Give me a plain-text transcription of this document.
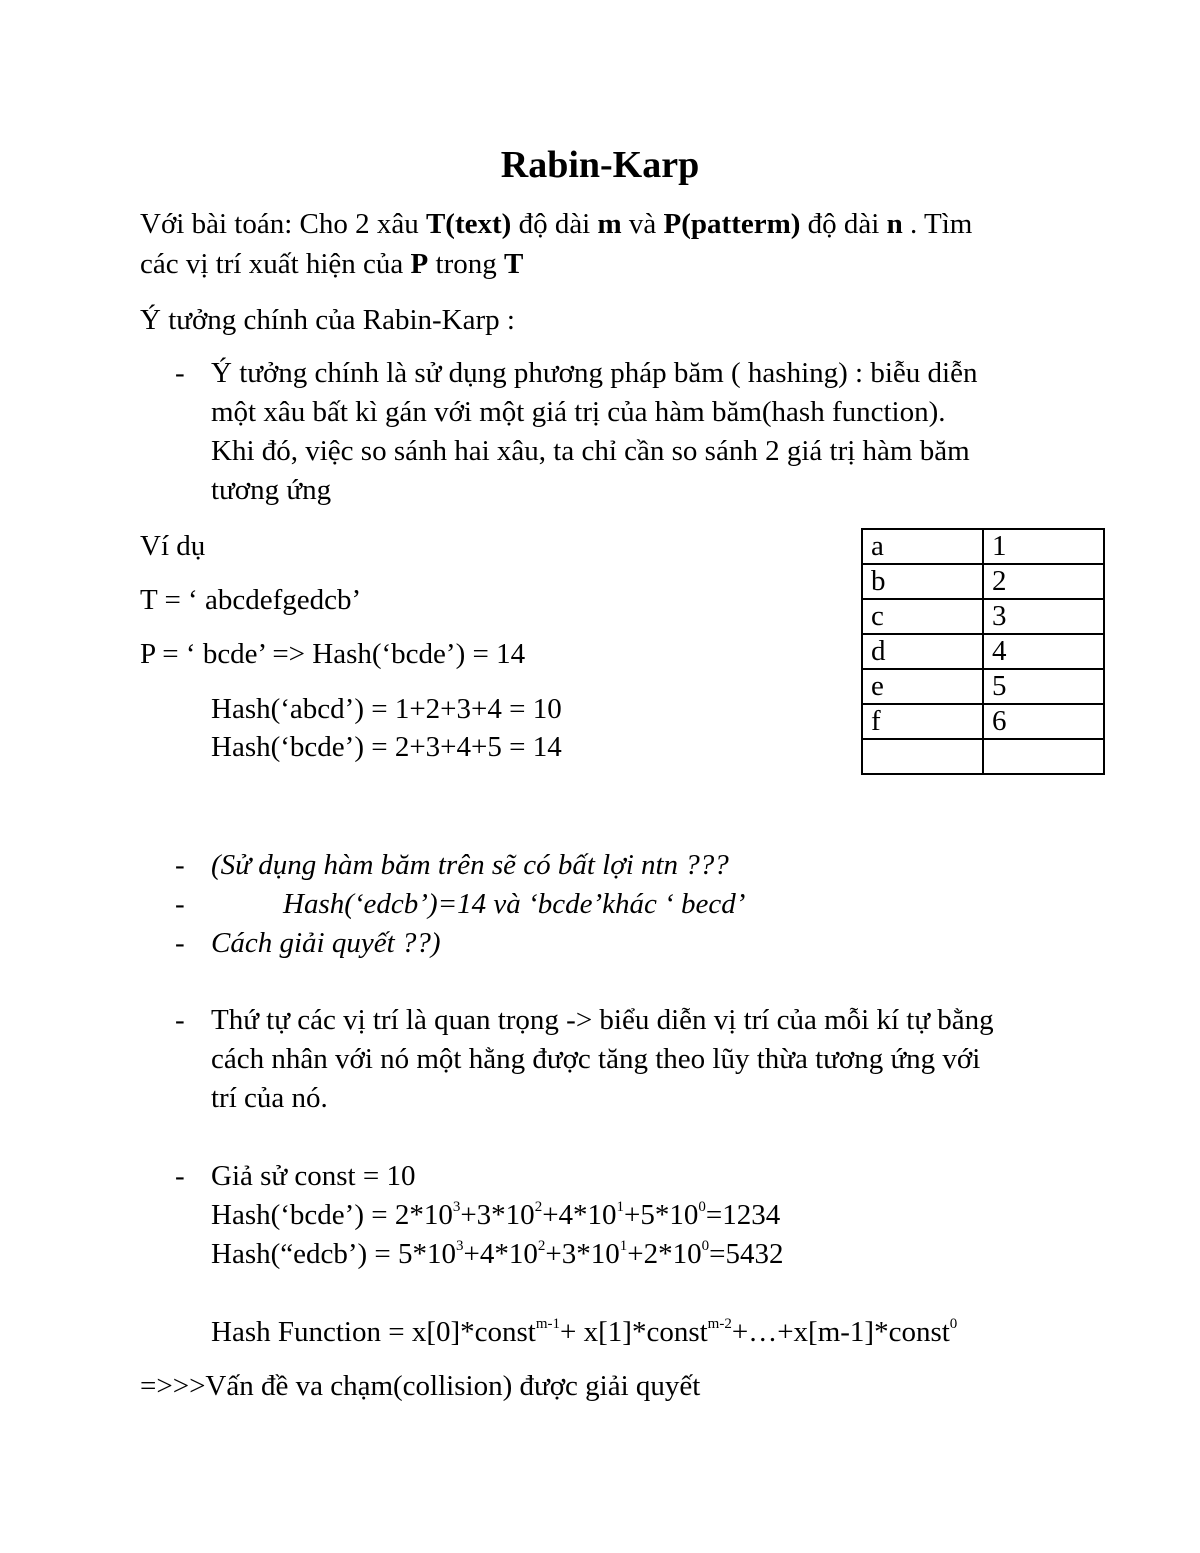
Rabin-Karp
Với bài toán: Cho 2 xâu T(text) độ dài m và P(patterm) độ dài n . Tìm
các vị trí xuất hiện của P trong T
Ý tưởng chính của Rabin-Karp :
- Ý tưởng chính là sử dụng phương pháp băm ( hashing) : biễu diễn
một xâu bất kì gán với một giá trị của hàm băm(hash function).
Khi đó, việc so sánh hai xâu, ta chỉ cần so sánh 2 giá trị hàm băm
tương ứng
Ví dụ
T = ‘ abcdefgedcb’
P = ‘ bcde’ => Hash(‘bcde’) = 14
Hash(‘abcd’) = 1+2+3+4 = 10
Hash(‘bcde’) = 2+3+4+5 = 14
a	1
b	2
c	3
d	4
e	5
f	6

- (Sử dụng hàm băm trên sẽ có bất lợi ntn ???
-	Hash(‘edcb’)=14 và ‘bcde’khác ‘ becd’
- Cách giải quyết ??)
- Thứ tự các vị trí là quan trọng -> biểu diễn vị trí của mỗi kí tự bằng
cách nhân với nó một hằng được tăng theo lũy thừa tương ứng với
trí của nó.
- Giả sử const = 10
Hash(‘bcde’) = $2*10^3+3*10^2+4*10^1+5*10^0=1234$
Hash(“edcb’) = $5*10^3+4*10^2+3*10^1+2*10^0=5432$
Hash Function = x[0]*const$^{m-1}$+ x[1]*const$^{m-2}$+…+x[m-1]*const$^0$
=>>>Vấn đề va chạm(collision) được giải quyết
